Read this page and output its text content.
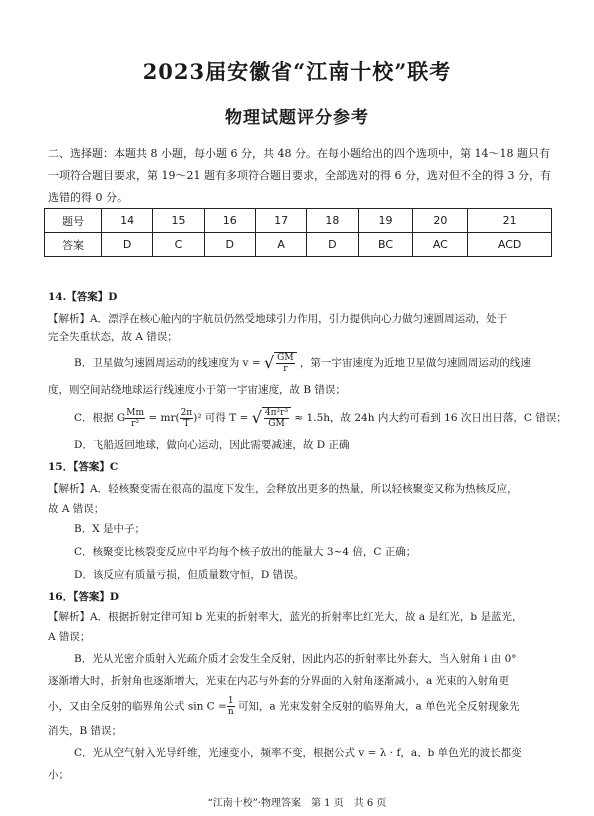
2023届安徽省“江南十校”联考
物理试题评分参考
二、选择题：本题共 8 小题，每小题 6 分，共 48 分。在每小题给出的四个选项中，第 14～18 题只有一项符合题目要求，第 19～21 题有多项符合题目要求，全部选对的得 6 分，选对但不全的得 3 分，有选错的得 0 分。
题号	14	15	16	17	18	19	20	21
答案	D	C	D	A	D	BC	AC	ACD
14.【答案】D
【解析】A．漂浮在核心舱内的宇航员仍然受地球引力作用，引力提供向心力做匀速圆周运动，处于
完全失重状态，故 A 错误；
B．卫星做匀速圆周运动的线速度为 v = √ $\frac{GM}{r}$ ，第一宇宙速度为近地卫星做匀速圆周运动的线速
度，则空间站绕地球运行线速度小于第一宇宙速度，故 B 错误；
C．根据 G $\frac{Mm}{\text{r²}} = mr( \frac{2\pi}{T} )^2$ 可得 T = √ $\frac{\text{4π²r³}}{GM} \approx 1.5h$，故 24h 内大约可看到 16 次日出日落，C 错误；
D．飞船返回地球，做向心运动，因此需要减速，故 D 正确
15．【答案】C
【解析】A．轻核聚变需在很高的温度下发生，会释放出更多的热量，所以轻核聚变又称为热核反应，
故 A 错误；
B．X 是中子；
C．核聚变比核裂变反应中平均每个核子放出的能量大 3~4 倍，C 正确；
D．该反应有质量亏损，但质量数守恒，D 错误。
16．【答案】D
【解析】A．根据折射定律可知 b 光束的折射率大，蓝光的折射率比红光大，故 a 是红光，b 是蓝光，
A 错误；
B．光从光密介质射入光疏介质才会发生全反射，因此内芯的折射率比外套大，当入射角 i 由 0°
逐渐增大时，折射角也逐渐增大，光束在内芯与外套的分界面的入射角逐渐减小，a 光束的入射角更
小，又由全反射的临界角公式 $\sin C = \frac{1}{n}$ 可知，a 光束发射全反射的临界角大，a 单色光全反射现象先
消失，B 错误；
C．光从空气射入光导纤维，光速变小，频率不变，根据公式 v = λ · f，a、b 单色光的波长都变
小；
“江南十校”·物理答案　第 1 页　共 6 页
